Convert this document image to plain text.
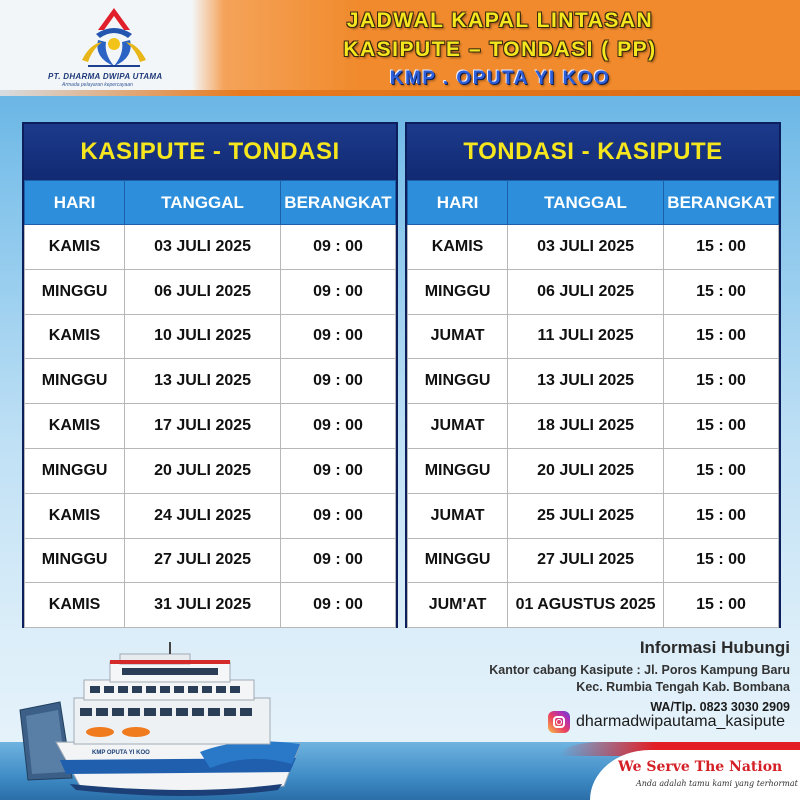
PT. DHARMA DWIPA UTAMA
Armada pelayaran kepercayaan
JADWAL KAPAL LINTASAN
KASIPUTE – TONDASI ( PP)
KMP . OPUTA YI KOO
KASIPUTE - TONDASI
HARI	TANGGAL	BERANGKAT
KAMIS	03 JULI 2025	09 : 00
MINGGU	06 JULI 2025	09 : 00
KAMIS	10 JULI 2025	09 : 00
MINGGU	13 JULI 2025	09 : 00
KAMIS	17 JULI 2025	09 : 00
MINGGU	20 JULI 2025	09 : 00
KAMIS	24 JULI 2025	09 : 00
MINGGU	27 JULI 2025	09 : 00
KAMIS	31 JULI 2025	09 : 00
TONDASI - KASIPUTE
HARI	TANGGAL	BERANGKAT
KAMIS	03 JULI 2025	15 : 00
MINGGU	06 JULI 2025	15 : 00
JUMAT	11 JULI 2025	15 : 00
MINGGU	13 JULI 2025	15 : 00
JUMAT	18 JULI 2025	15 : 00
MINGGU	20 JULI 2025	15 : 00
JUMAT	25 JULI 2025	15 : 00
MINGGU	27 JULI 2025	15 : 00
JUM'AT	01 AGUSTUS 2025	15 : 00
KMP OPUTA YI KOO
Informasi Hubungi
Kantor cabang Kasipute : Jl. Poros Kampung Baru
Kec. Rumbia Tengah Kab. Bombana
WA/Tlp. 0823 3030 2909
dharmadwipautama_kasipute
We Serve The Nation
Anda adalah tamu kami yang terhormat
